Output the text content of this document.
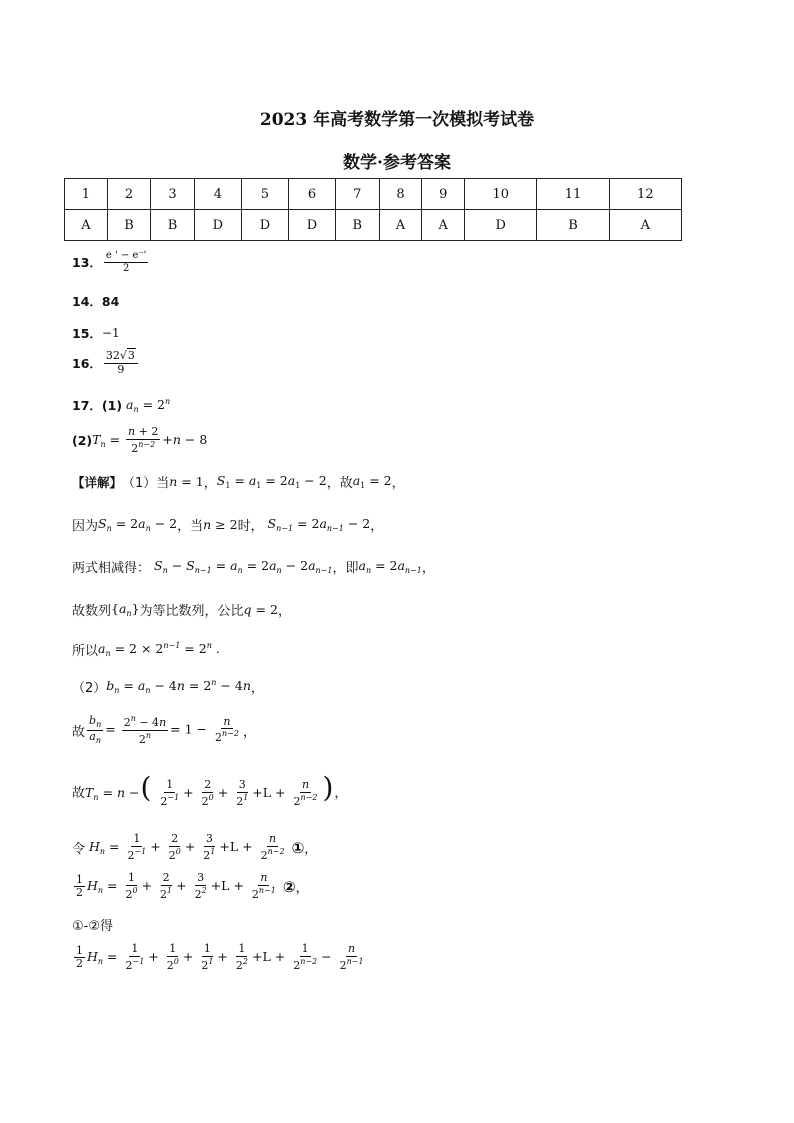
2023 年高考数学第一次模拟考试卷
数学·参考答案
1	2	3	4	5	6	7	8	9	10	11	12
A	B	B	D	D	D	B	A	A	D	B	A
13． $\frac{e ' - e^-'}{2}$
14． 84
15． −1
16． $\frac{32√3}{9}$
17． (1) $a_n = 2^n$
(2) $T_n = \frac{n + 2}{2^{n-2}} +n - 8$
【详解】 （1）当 n = 1 ， $S_1 = a_1 = 2a_1 - 2$ ，故 $a_1 = 2$ ，
因为 $S_n = 2a_n - 2$ ，当 n ≥ 2 时， $S_{n-1} = 2a_{n-1} - 2$ ，
两式相减得： $S_n - S_{n-1} = a_n = 2a_n - 2a_{n-1}$ ，即 $a_n = 2a_{n-1}$ ，
故数列 $\{a_n\}$ 为等比数列，公比 q = 2 ，
所以 $a_n = 2 \times 2^{n-1} = 2^n$ .
（2） $b_n = a_n - 4n = 2^n - 4n$ ，
故 $\frac{b_n}{a_n} = \frac{2^n - 4n}{2^n} = 1 - \frac{n}{2^{n-2}}$ ，
故 $T_n = n$ −( $\frac{1}{2^{-1}} + \frac{2}{2^0} + \frac{3}{2^1} +L + \frac{n}{2^{n-2}}$ ) ，
令 $H_n = \frac{1}{2^{-1}} + \frac{2}{2^0} + \frac{3}{2^1} +L + \frac{n}{2^{n-2}}$ ① ，
$\frac{1}{2} H_n = \frac{1}{2^0} + \frac{2}{2^1} + \frac{3}{2^2} +L + \frac{n}{2^{n-1}}$ ② ，
①-②得
$\frac{1}{2} H_n = \frac{1}{2^{-1}} + \frac{1}{2^0} + \frac{1}{2^1} + \frac{1}{2^2} +L + \frac{1}{2^{n-2}} - \frac{n}{2^{n-1}}$
